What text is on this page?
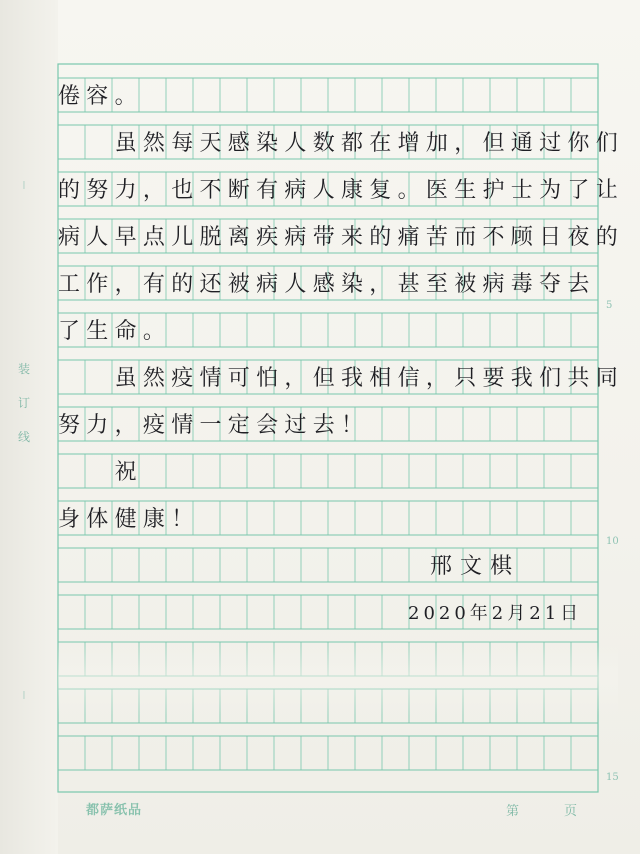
装订线
|
|
倦容。
　　虽然每天感染人数都在增加，但通过你们
的努力，也不断有病人康复。医生护士为了让
病人早点儿脱离疾病带来的痛苦而不顾日夜的
工作，有的还被病人感染，甚至被病毒夺去
了生命。
　　虽然疫情可怕，但我相信，只要我们共同
努力，疫情一定会过去！
　　祝
身体健康！
邢文棋
2020年2月21日
5
10
15
都萨纸品	第	页
